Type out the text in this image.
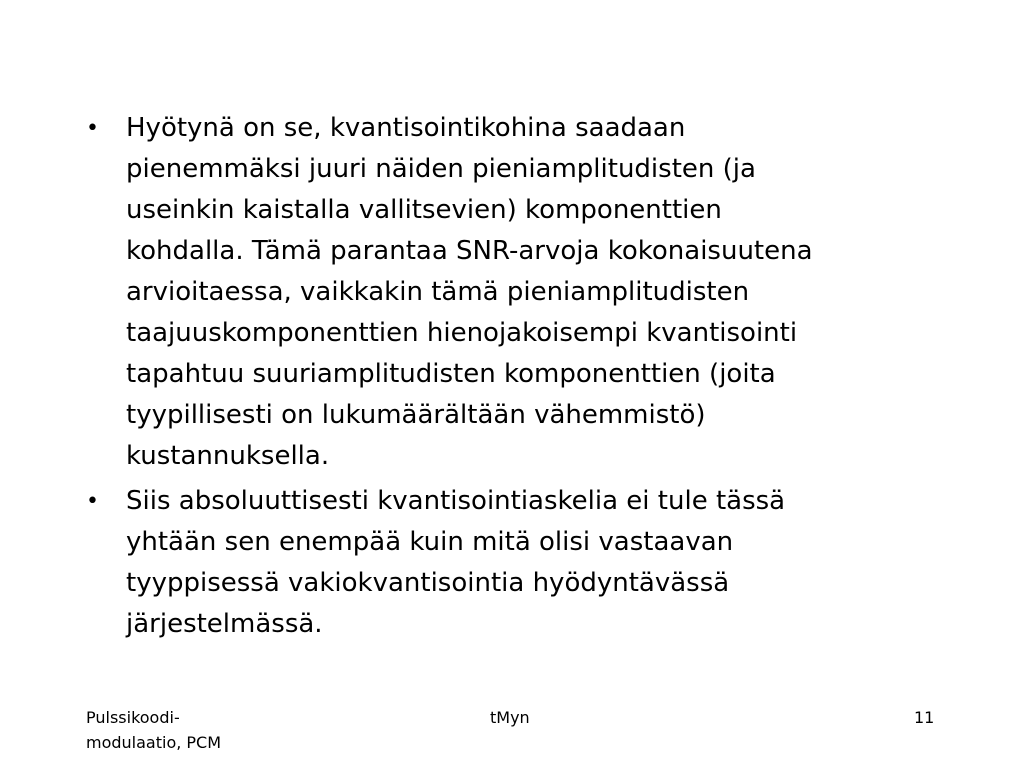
• Hyötynä on se, kvantisointikohina saadaan
pienemmäksi juuri näiden pieniamplitudisten (ja
useinkin kaistalla vallitsevien) komponenttien
kohdalla. Tämä parantaa SNR-arvoja kokonaisuutena
arvioitaessa, vaikkakin tämä pieniamplitudisten
taajuuskomponenttien hienojakoisempi kvantisointi
tapahtuu suuriamplitudisten komponenttien (joita
tyypillisesti on lukumäärältään vähemmistö)
kustannuksella.
• Siis absoluuttisesti kvantisointiaskelia ei tule tässä
yhtään sen enempää kuin mitä olisi vastaavan
tyyppisessä vakiokvantisointia hyödyntävässä
järjestelmässä.
Pulssikoodi-
modulaatio, PCM
tMyn	11
